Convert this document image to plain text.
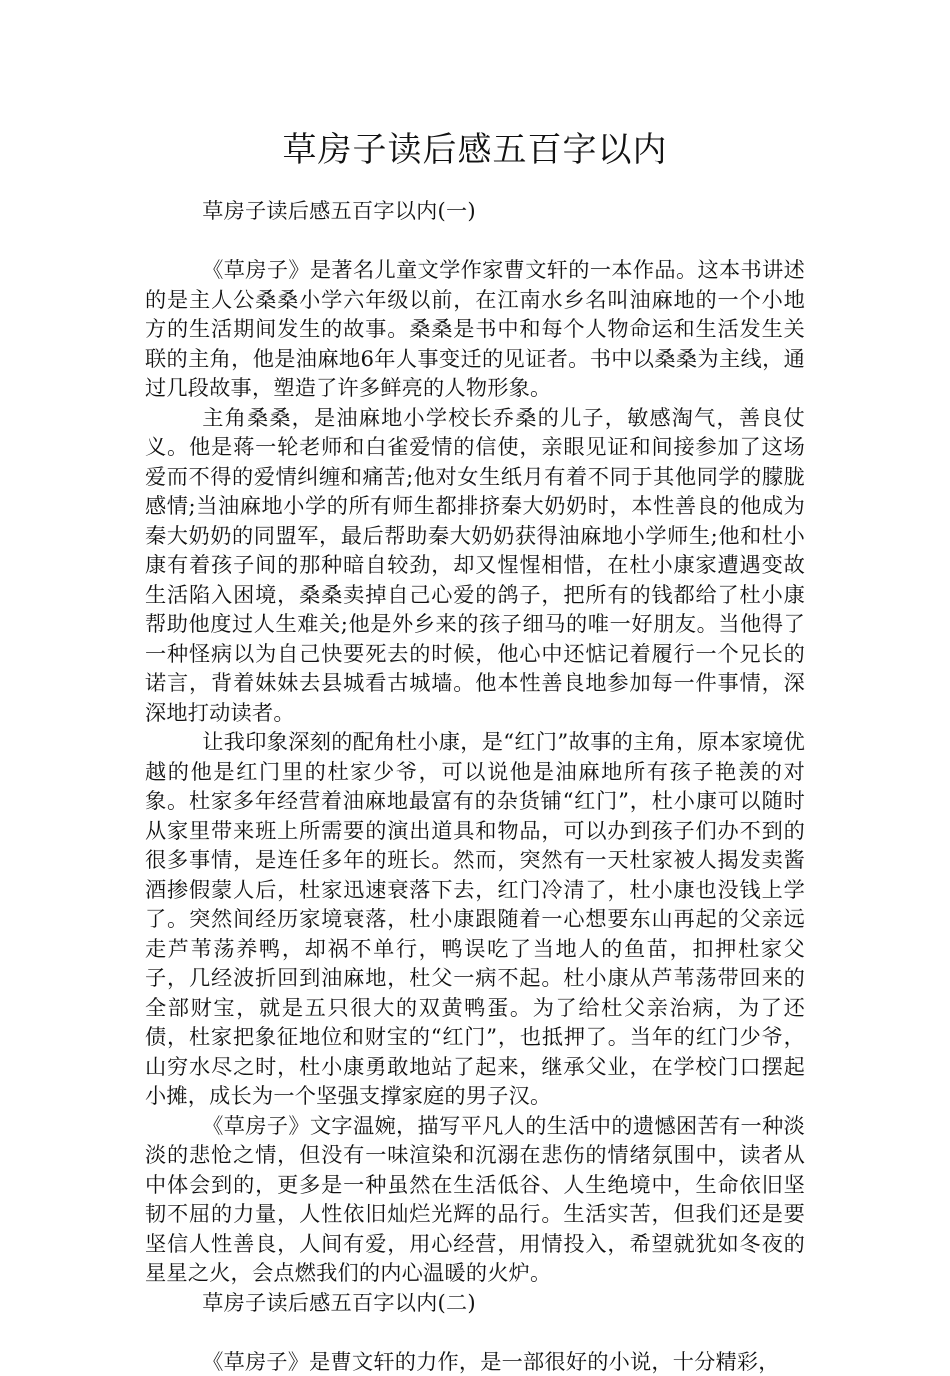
草房子读后感五百字以内

草房子读后感五百字以内(一)

《草房子》是著名儿童文学作家曹文轩的一本作品。这本书讲述的是主人公桑桑小学六年级以前，在江南水乡名叫油麻地的一个小地方的生活期间发生的故事。桑桑是书中和每个人物命运和生活发生关联的主角，他是油麻地6年人事变迁的见证者。书中以桑桑为主线，通过几段故事，塑造了许多鲜亮的人物形象。

主角桑桑，是油麻地小学校长乔桑的儿子，敏感淘气，善良仗义。他是蒋一轮老师和白雀爱情的信使，亲眼见证和间接参加了这场爱而不得的爱情纠缠和痛苦;他对女生纸月有着不同于其他同学的朦胧感情;当油麻地小学的所有师生都排挤秦大奶奶时，本性善良的他成为秦大奶奶的同盟军，最后帮助秦大奶奶获得油麻地小学师生;他和杜小康有着孩子间的那种暗自较劲，却又惺惺相惜，在杜小康家遭遇变故生活陷入困境，桑桑卖掉自己心爱的鸽子，把所有的钱都给了杜小康帮助他度过人生难关;他是外乡来的孩子细马的唯一好朋友。当他得了一种怪病以为自己快要死去的时候，他心中还惦记着履行一个兄长的诺言，背着妹妹去县城看古城墙。他本性善良地参加每一件事情，深深地打动读者。

让我印象深刻的配角杜小康，是“红门”故事的主角，原本家境优越的他是红门里的杜家少爷，可以说他是油麻地所有孩子艳羡的对象。杜家多年经营着油麻地最富有的杂货铺“红门”，杜小康可以随时从家里带来班上所需要的演出道具和物品，可以办到孩子们办不到的很多事情，是连任多年的班长。然而，突然有一天杜家被人揭发卖酱酒掺假蒙人后，杜家迅速衰落下去，红门冷清了，杜小康也没钱上学了。突然间经历家境衰落，杜小康跟随着一心想要东山再起的父亲远走芦苇荡养鸭，却祸不单行，鸭误吃了当地人的鱼苗，扣押杜家父子，几经波折回到油麻地，杜父一病不起。杜小康从芦苇荡带回来的全部财宝，就是五只很大的双黄鸭蛋。为了给杜父亲治病，为了还债，杜家把象征地位和财宝的“红门”，也抵押了。当年的红门少爷，山穷水尽之时，杜小康勇敢地站了起来，继承父业，在学校门口摆起小摊，成长为一个坚强支撑家庭的男子汉。

《草房子》文字温婉，描写平凡人的生活中的遗憾困苦有一种淡淡的悲怆之情，但没有一味渲染和沉溺在悲伤的情绪氛围中，读者从中体会到的，更多是一种虽然在生活低谷、人生绝境中，生命依旧坚韧不屈的力量，人性依旧灿烂光辉的品行。生活实苦，但我们还是要坚信人性善良，人间有爱，用心经营，用情投入，希望就犹如冬夜的星星之火，会点燃我们的内心温暖的火炉。

草房子读后感五百字以内(二)

《草房子》是曹文轩的力作，是一部很好的小说，十分精彩，
